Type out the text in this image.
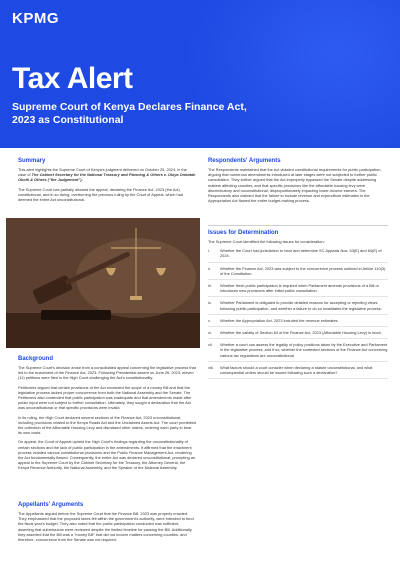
KPMG
Tax Alert
Supreme Court of Kenya Declares Finance Act, 2023 as Constitutional
Summary

This alert highlights the Supreme Court of Kenya's judgment delivered on October 25, 2024, in the case of The Cabinet Secretary for the National Treasury and Planning & Others v. Okiya Omtatah Okoiti & Others ("the Judgement").

The Supreme Court has partially allowed the appeal, declaring the Finance Act, 2023 (the Act) constitutional, and in so doing, overturning the previous ruling by the Court of Appeal, which had deemed the entire Act unconstitutional.

Background

The Supreme Court's decision arose from a consolidated appeal concerning the legislative process that led to the enactment of the Finance Act, 2023. Following Presidential assent on June 26, 2023, eleven (11) petitions were filed in the High Court challenging the Act's constitutionality.

Petitioners argued that certain provisions of the Act exceeded the scope of a money Bill and that the legislative process lacked proper concurrence from both the National Assembly and the Senate. The Petitioners also contended that public participation was inadequate and that amendments made after public input were not subject to further consultation. Ultimately, they sought a declaration that the Act was unconstitutional or that specific provisions were invalid.

In its ruling, the High Court declared several sections of the Finance Act, 2023 unconstitutional, including provisions related to the Kenya Roads Act and the Unclaimed Assets Act. The court prohibited the collection of the Affordable Housing Levy and dismissed other claims, ordering each party to bear its own costs.

On appeal, the Court of Appeal upheld the High Court's findings regarding the unconstitutionality of certain sections and the lack of public participation in the amendments. It affirmed that the enactment process violated various constitutional provisions and the Public Finance Management Act, rendering the Act fundamentally flawed. Consequently, the entire Act was declared unconstitutional, prompting an appeal to the Supreme Court by the Cabinet Secretary for the Treasury, the Attorney General, the Kenya Revenue Authority, the National Assembly, and the Speaker of the National Assembly.

Appellants' Arguments

The Appellants argued before the Supreme Court that the Finance Bill, 2023 was properly enacted. They emphasized that the proposed taxes fell within the government's authority, were intended to fund the fiscal year's budget. They also noted that the public participation conducted was sufficient, asserting that submissions were reviewed despite the limited timeline for passing the Bill. Additionally, they asserted that the Bill was a "money Bill" that did not involve matters concerning counties, and therefore, concurrence from the Senate was not required.

Respondents' Arguments

The Respondents maintained that the Act violated constitutional requirements for public participation, arguing that numerous amendments introduced at later stages were not subjected to further public consultation. They further argued that the Act improperly bypassed the Senate despite addressing matters affecting counties, and that specific provisions like the affordable housing levy were discriminatory and unconstitutional, disproportionately impacting lower-income earners. The Respondents also claimed that the failure to include revenue and expenditure estimates in the Appropriation Act flawed the entire budget-making process.

Issues for Determination

The Supreme Court identified the following issues for consideration:

i.	Whether the Court had jurisdiction to hear and determine SC Appeals Nos. 63(E) and 64(E) of 2024.
ii. Whether the Finance Act, 2023 was subject to the concurrence process outlined in Article 110(3) of the Constitution.
iii. Whether fresh public participation is required when Parliament amends provisions of a Bill or introduces new provisions after initial public consultation.
iv. Whether Parliament is obligated to provide detailed reasons for accepting or rejecting views following public participation, and whether a failure to do so invalidates the legislative process.
v. Whether the Appropriation Act, 2023 included the revenue estimates.
vi. Whether the validity of Section 84 of the Finance Act, 2023 (Affordable Housing Levy) is moot.
vii. Whether a court can assess the legality of policy positions taken by the Executive and Parliament in the legislative process, and if so, whether the contested sections of the Finance Act concerning various tax regulations are unconstitutional.
viii. What factors should a court consider when declaring a statute unconstitutional, and what consequential orders should be issued following such a declaration?
